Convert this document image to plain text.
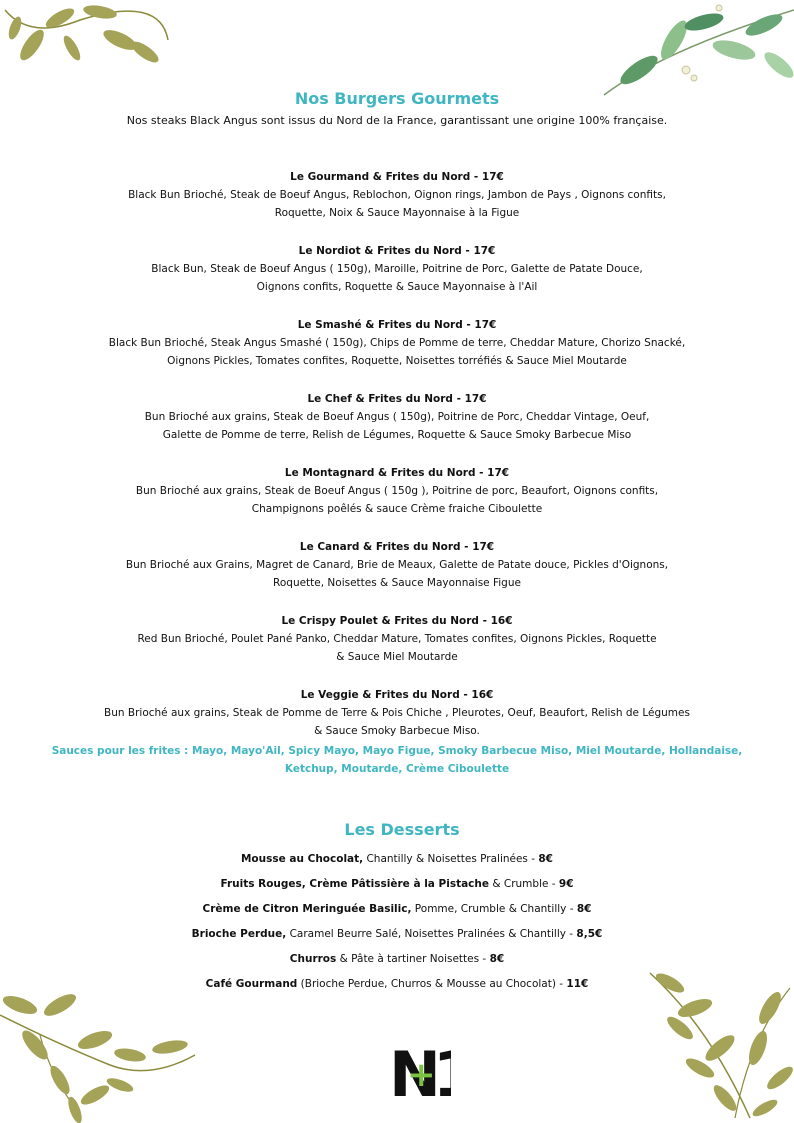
Nos Burgers Gourmets

Nos steaks Black Angus sont issus du Nord de la France, garantissant une origine 100% française.

Le Gourmand & Frites du Nord - 17€
Black Bun Brioché, Steak de Boeuf Angus, Reblochon, Oignon rings, Jambon de Pays , Oignons confits,
Roquette, Noix & Sauce Mayonnaise à la Figue
Le Nordiot & Frites du Nord - 17€
Black Bun, Steak de Boeuf Angus ( 150g), Maroille, Poitrine de Porc, Galette de Patate Douce,
Oignons confits, Roquette & Sauce Mayonnaise à l'Ail
Le Smashé & Frites du Nord - 17€
Black Bun Brioché, Steak Angus Smashé ( 150g), Chips de Pomme de terre, Cheddar Mature, Chorizo Snacké,
Oignons Pickles, Tomates confites, Roquette, Noisettes torréfiés & Sauce Miel Moutarde
Le Chef & Frites du Nord - 17€
Bun Brioché aux grains, Steak de Boeuf Angus ( 150g), Poitrine de Porc, Cheddar Vintage, Oeuf,
Galette de Pomme de terre, Relish de Légumes, Roquette & Sauce Smoky Barbecue Miso
Le Montagnard & Frites du Nord - 17€
Bun Brioché aux grains, Steak de Boeuf Angus ( 150g ), Poitrine de porc, Beaufort, Oignons confits,
Champignons poêlés & sauce Crème fraiche Ciboulette
Le Canard & Frites du Nord - 17€
Bun Brioché aux Grains, Magret de Canard, Brie de Meaux, Galette de Patate douce, Pickles d'Oignons,
Roquette, Noisettes & Sauce Mayonnaise Figue
Le Crispy Poulet & Frites du Nord - 16€
Red Bun Brioché, Poulet Pané Panko, Cheddar Mature, Tomates confites, Oignons Pickles, Roquette
& Sauce Miel Moutarde
Le Veggie & Frites du Nord - 16€
Bun Brioché aux grains, Steak de Pomme de Terre & Pois Chiche , Pleurotes, Oeuf, Beaufort, Relish de Légumes
& Sauce Smoky Barbecue Miso.
Sauces pour les frites : Mayo, Mayo'Ail, Spicy Mayo, Mayo Figue, Smoky Barbecue Miso, Miel Moutarde, Hollandaise,
Ketchup, Moutarde, Crème Ciboulette
Les Desserts
Mousse au Chocolat, Chantilly & Noisettes Pralinées - 8€
Fruits Rouges, Crème Pâtissière à la Pistache & Crumble - 9€
Crème de Citron Meringuée Basilic, Pomme, Crumble & Chantilly - 8€
Brioche Perdue, Caramel Beurre Salé, Noisettes Pralinées & Chantilly - 8,5€
Churros & Pâte à tartiner Noisettes - 8€
Café Gourmand (Brioche Perdue, Churros & Mousse au Chocolat) - 11€
N
+
